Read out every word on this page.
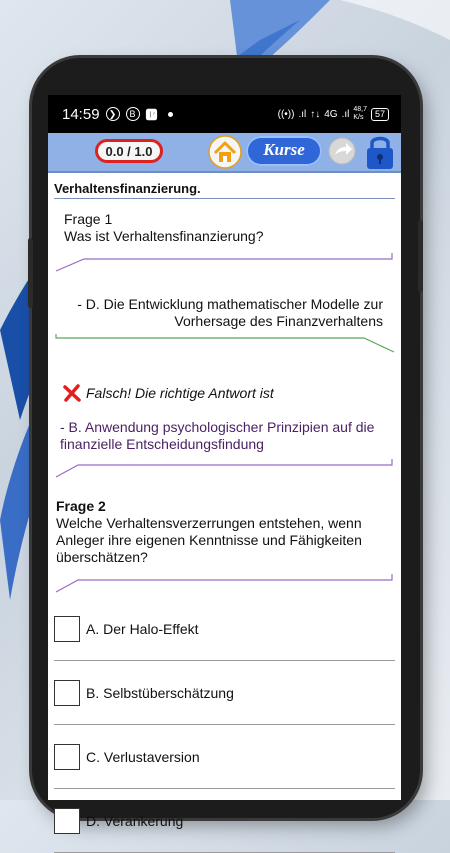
14:59	❯	B 🅿	((•)) .ıl ↑↓ 4G .ıl 48,7
K/s	57
0.0 / 1.0	Kurse
Verhaltensfinanzierung.
Frage 1
Was ist Verhaltensfinanzierung?
- D. Die Entwicklung mathematischer Modelle zur Vorhersage des Finanzverhaltens
Falsch! Die richtige Antwort ist
- B. Anwendung psychologischer Prinzipien auf die finanzielle Entscheidungsfindung
Frage 2
Welche Verhaltensverzerrungen entstehen, wenn Anleger ihre eigenen Kenntnisse und Fähigkeiten überschätzen?
A. Der Halo-Effekt
B. Selbstüberschätzung
C. Verlustaversion
D. Verankerung
